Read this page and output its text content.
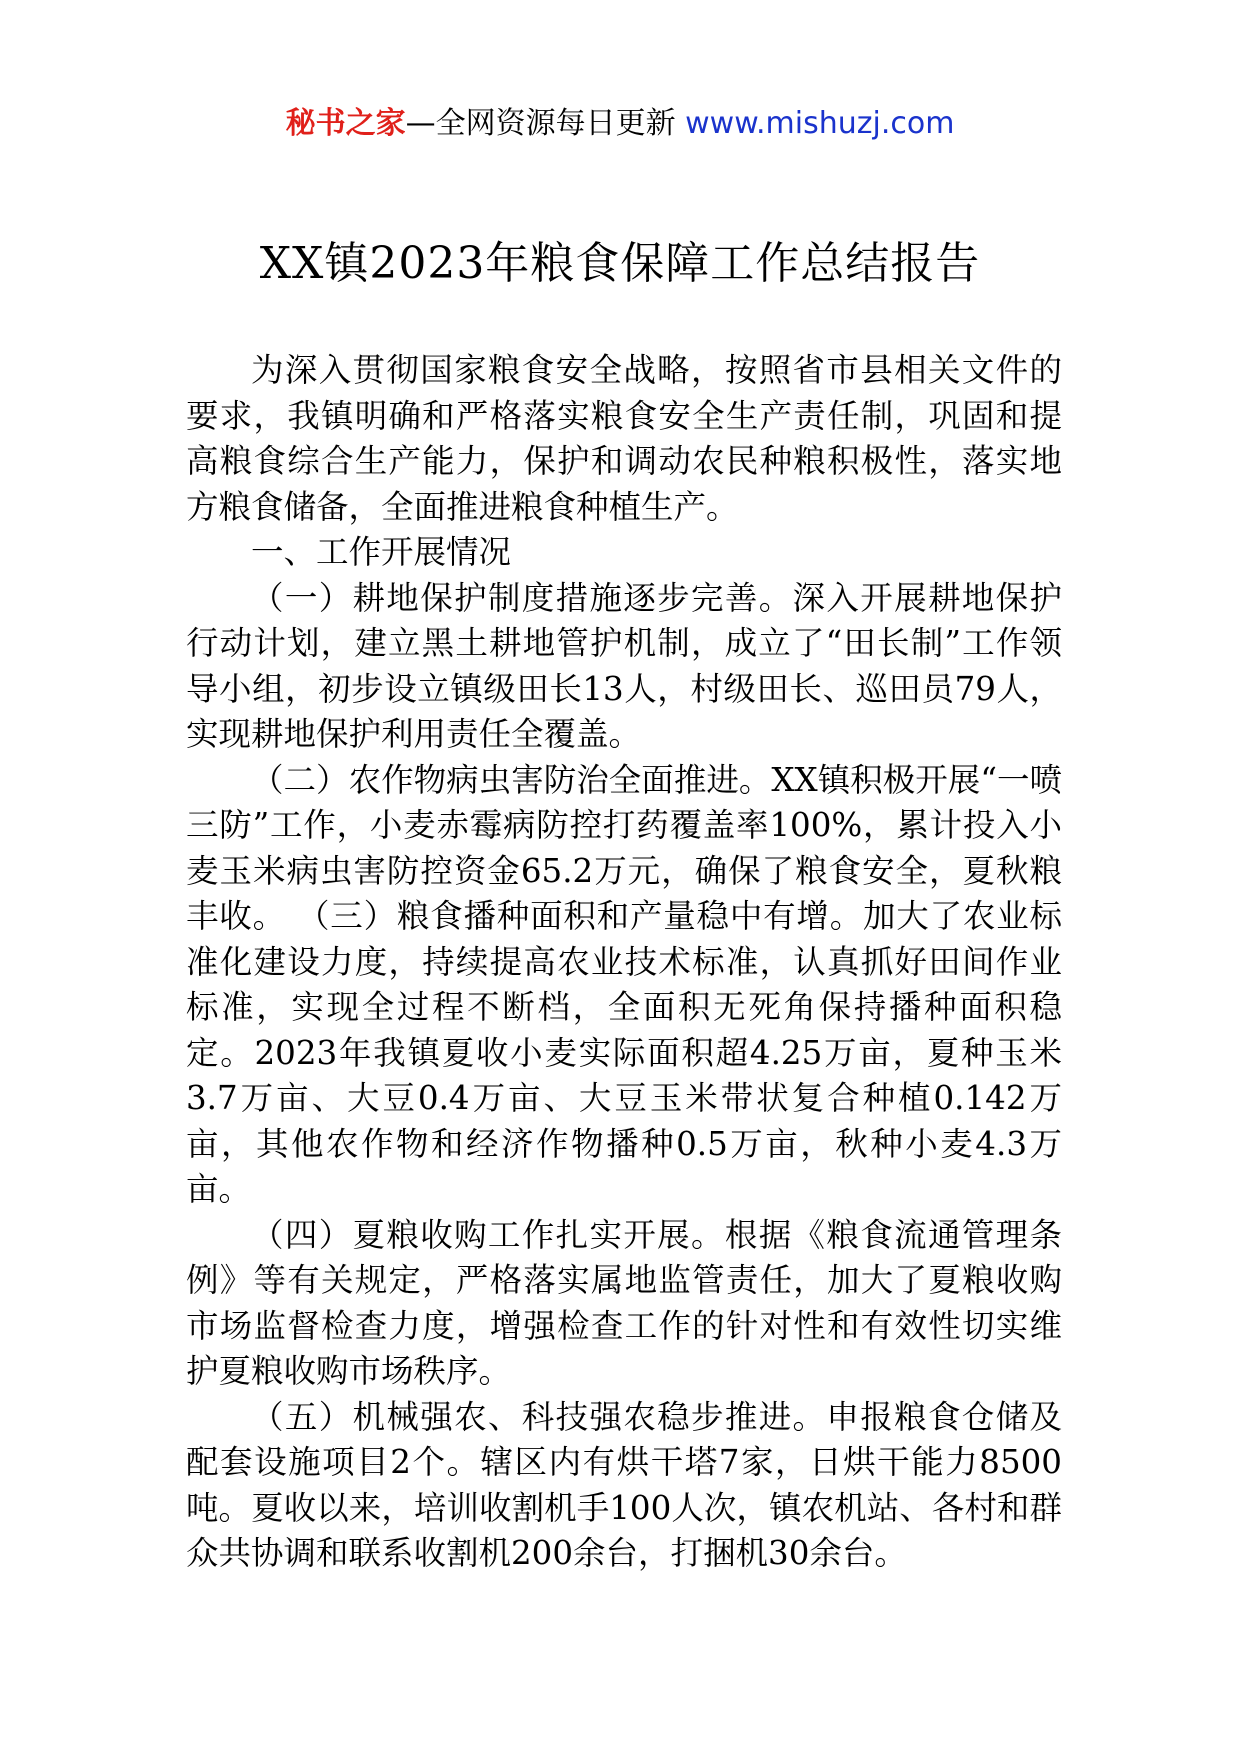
秘书之家—全网资源每日更新 www.mishuzj.com
XX镇2023年粮食保障工作总结报告

为深入贯彻国家粮食安全战略，按照省市县相关文件的要求，我镇明确和严格落实粮食安全生产责任制，巩固和提高粮食综合生产能力，保护和调动农民种粮积极性，落实地方粮食储备，全面推进粮食种植生产。

一、工作开展情况

（一）耕地保护制度措施逐步完善。深入开展耕地保护行动计划，建立黑土耕地管护机制，成立了“田长制”工作领导小组，初步设立镇级田长13人，村级田长、巡田员79人，实现耕地保护利用责任全覆盖。

（二）农作物病虫害防治全面推进。XX镇积极开展“一喷三防”工作，小麦赤霉病防控打药覆盖率100%，累计投入小麦玉米病虫害防控资金65.2万元，确保了粮食安全，夏秋粮丰收。 （三）粮食播种面积和产量稳中有增。加大了农业标准化建设力度，持续提高农业技术标准，认真抓好田间作业标准，实现全过程不断档，全面积无死角保持播种面积稳定。2023年我镇夏收小麦实际面积超4.25万亩，夏种玉米3.7万亩、大豆0.4万亩、大豆玉米带状复合种植0.142万亩，其他农作物和经济作物播种0.5万亩，秋种小麦4.3万亩。

（四）夏粮收购工作扎实开展。根据《粮食流通管理条例》等有关规定，严格落实属地监管责任，加大了夏粮收购市场监督检查力度，增强检查工作的针对性和有效性切实维护夏粮收购市场秩序。

（五）机械强农、科技强农稳步推进。申报粮食仓储及配套设施项目2个。辖区内有烘干塔7家，日烘干能力8500吨。夏收以来，培训收割机手100人次，镇农机站、各村和群众共协调和联系收割机200余台，打捆机30余台。
